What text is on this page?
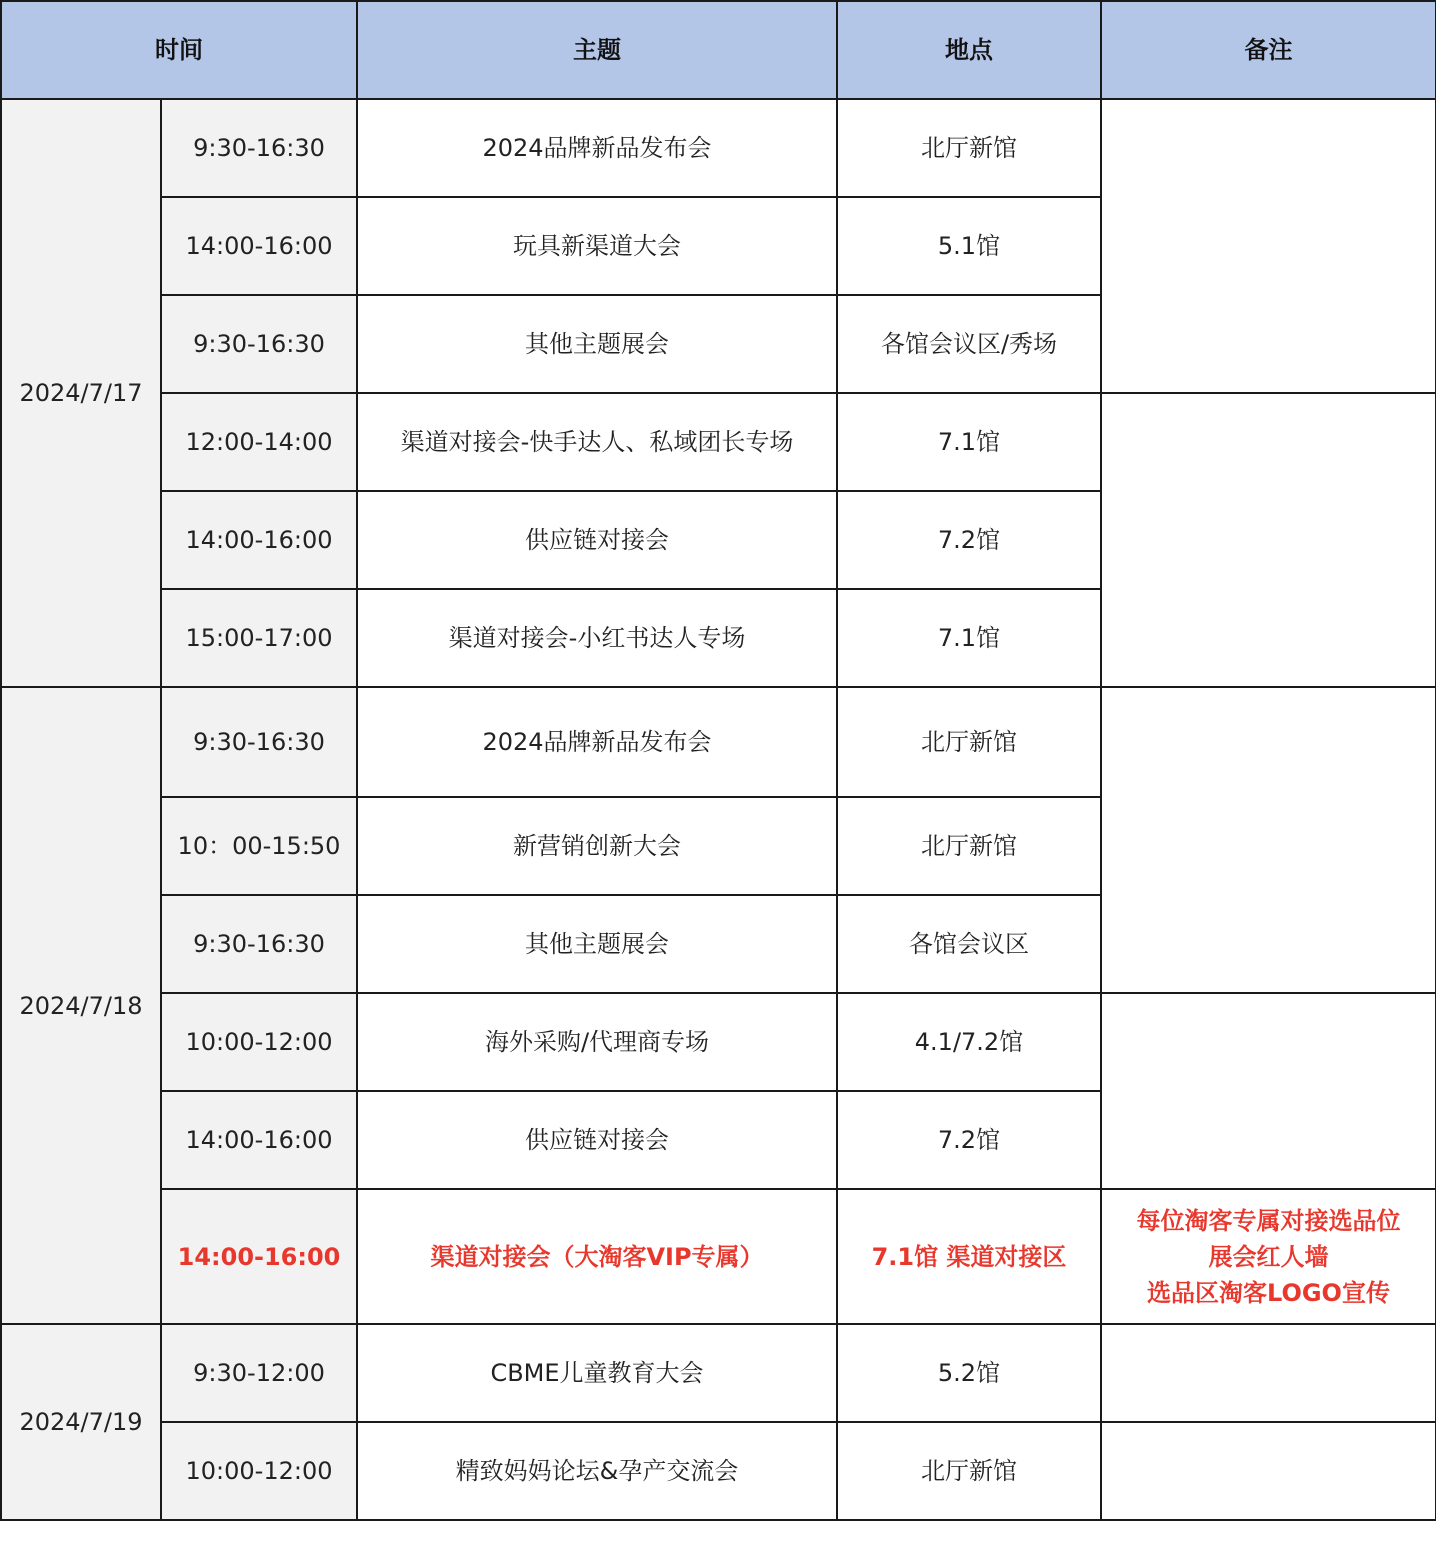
时间		主题	地点	备注
2024/7/17	9:30-16:30	2024品牌新品发布会	北厅新馆	
	14:00-16:00	玩具新渠道大会	5.1馆	
	9:30-16:30	其他主题展会	各馆会议区/秀场	
	12:00-14:00	渠道对接会-快手达人、私域团长专场	7.1馆	
	14:00-16:00	供应链对接会	7.2馆	
	15:00-17:00	渠道对接会-小红书达人专场	7.1馆	
2024/7/18	9:30-16:30	2024品牌新品发布会	北厅新馆	
	10：00-15:50	新营销创新大会	北厅新馆	
	9:30-16:30	其他主题展会	各馆会议区	
	10:00-12:00	海外采购/代理商专场	4.1/7.2馆	
	14:00-16:00	供应链对接会	7.2馆	
	14:00-16:00	渠道对接会（大淘客VIP专属）	7.1馆 渠道对接区	每位淘客专属对接选品位
展会红人墙
选品区淘客LOGO宣传

2024/7/19	9:30-12:00	CBME儿童教育大会	5.2馆	
	10:00-12:00	精致妈妈论坛&孕产交流会	北厅新馆	
